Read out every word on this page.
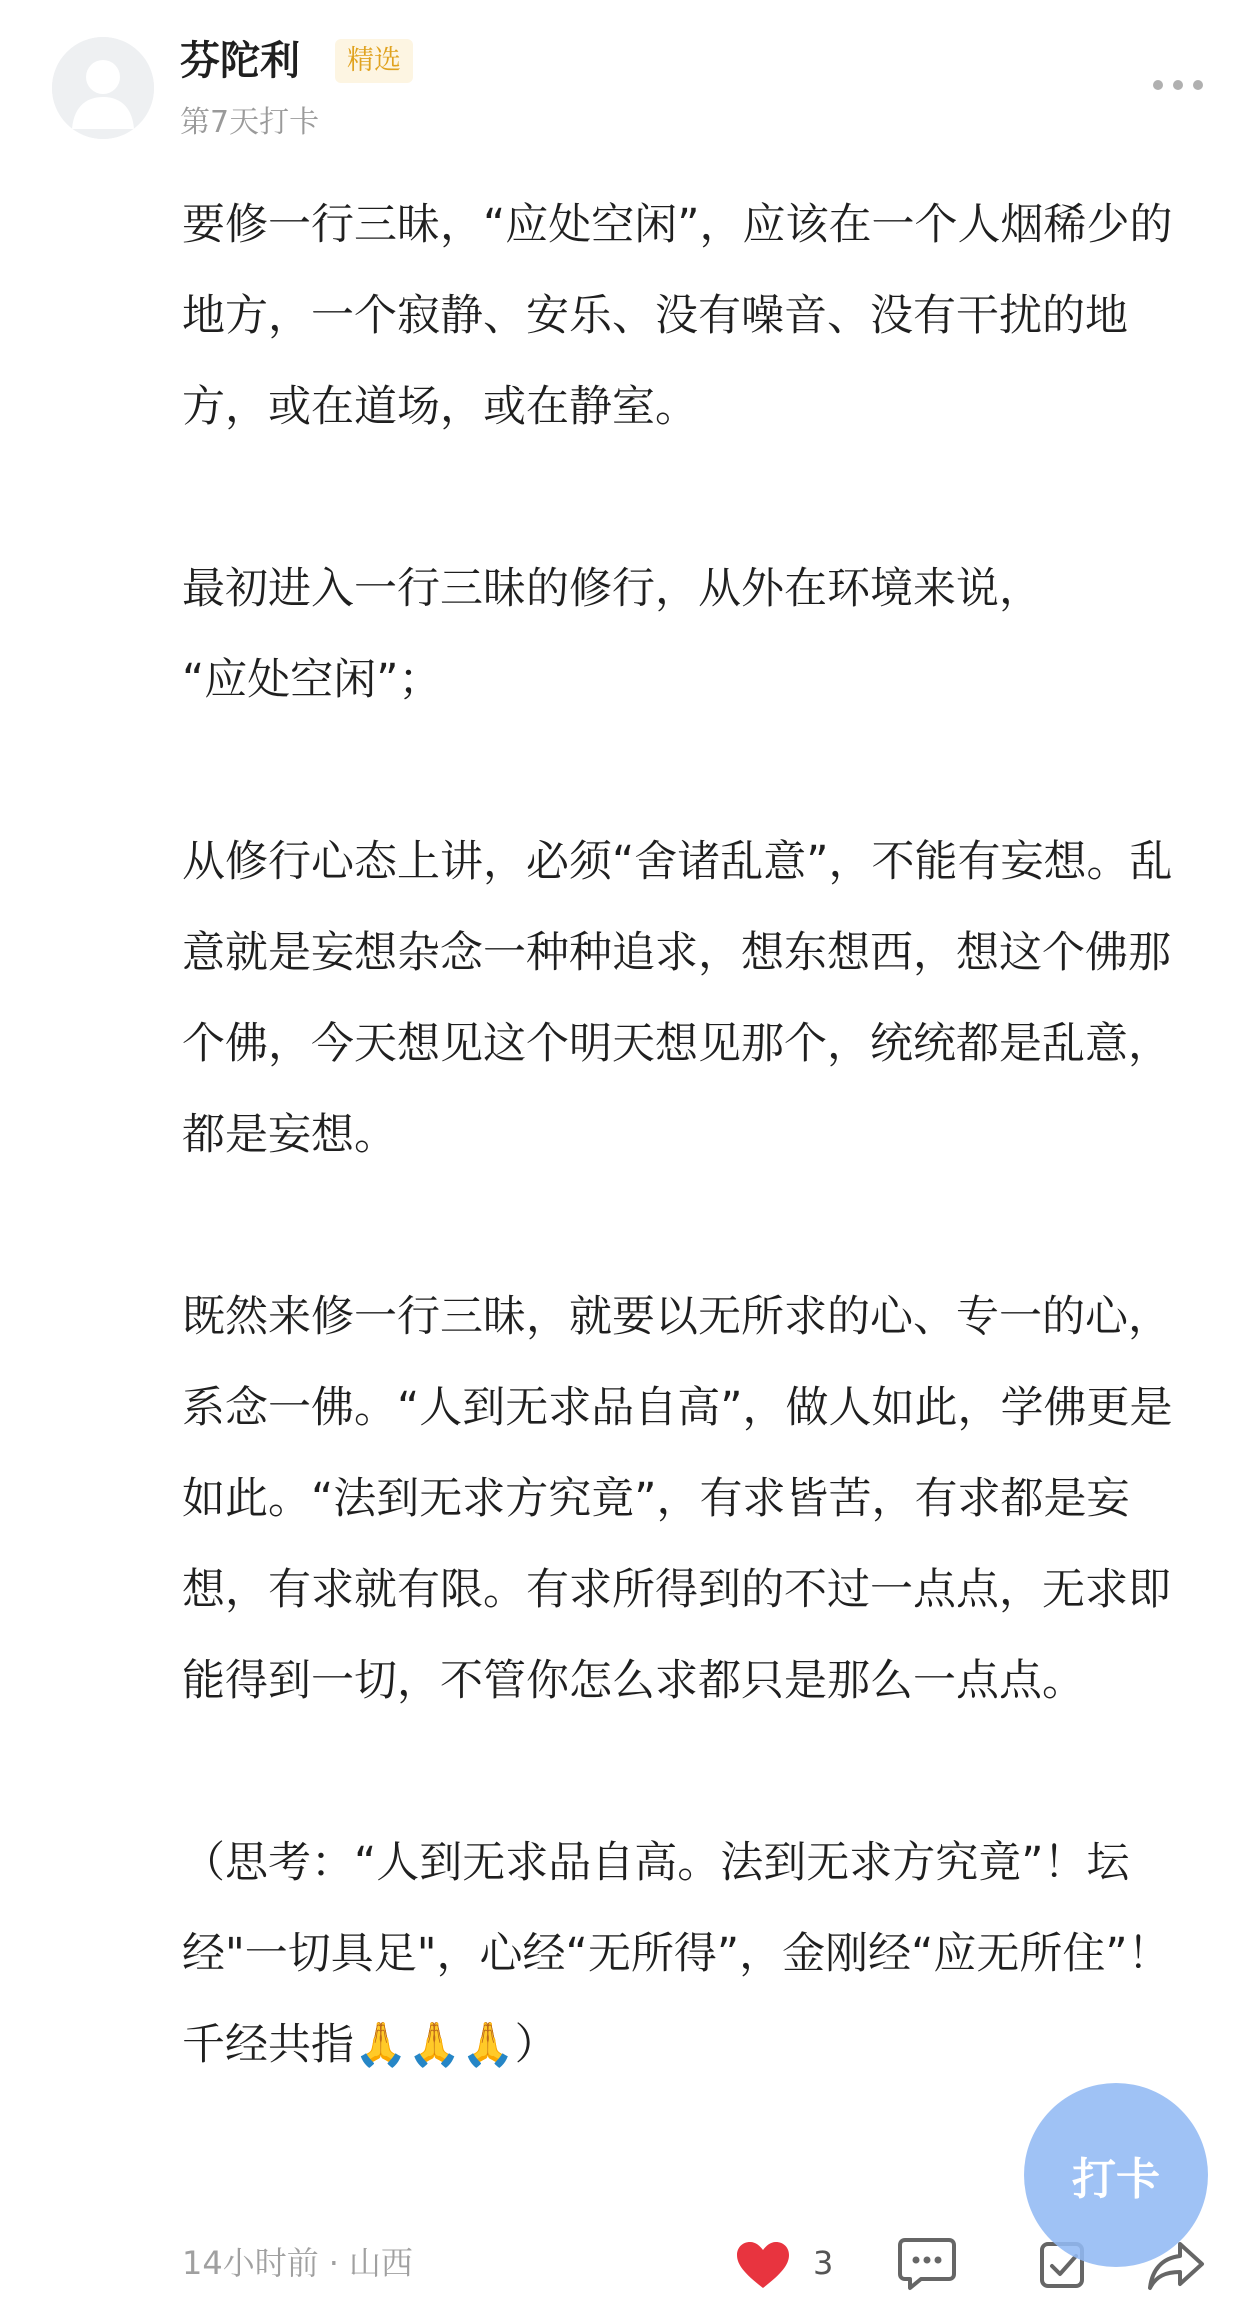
芬陀利	精选
第7天打卡

要修一行三昧，“应处空闲”，应该在一个人烟稀少的地方，一个寂静、安乐、没有噪音、没有干扰的地方，或在道场，或在静室。

最初进入一行三昧的修行，从外在环境来说，
“应处空闲”；

从修行心态上讲，必须“舍诸乱意”，不能有妄想。乱意就是妄想杂念一种种追求，想东想西，想这个佛那个佛，今天想见这个明天想见那个，统统都是乱意，都是妄想。

既然来修一行三昧，就要以无所求的心、专一的心，系念一佛。“人到无求品自高”，做人如此，学佛更是如此。“法到无求方究竟”，有求皆苦，有求都是妄想，有求就有限。有求所得到的不过一点点，无求即能得到一切，不管你怎么求都只是那么一点点。

（思考：“人到无求品自高。法到无求方究竟”！坛经"一切具足"，心经“无所得”，金刚经“应无所住”！千经共指🙏🙏🙏）

14小时前 · 山西	3
打卡
